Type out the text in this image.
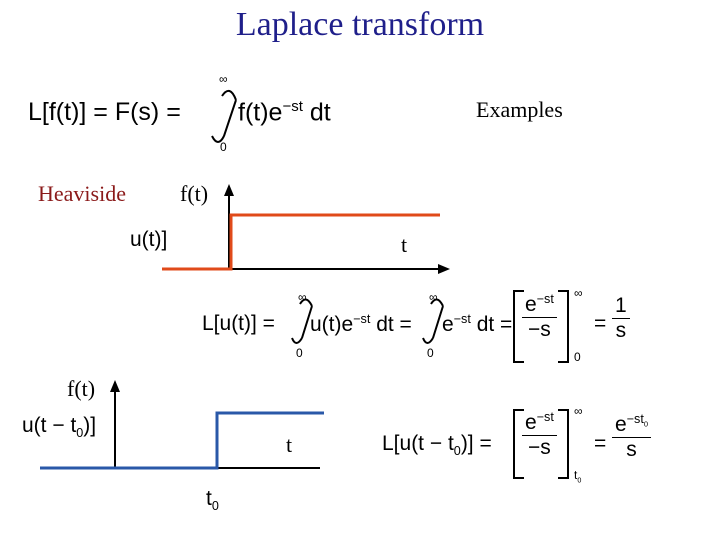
Laplace transform
L[f(t)] = F(s) =
∞
0
$f(t)e^{-st}$ dt	Examples
Heaviside f(t)
u(t)]	t
L[u(t)] =
∞
0
$u(t)e^{-st}$ dt =
∞
0
$e^{-st}$ dt = $\frac{e^{-st}}{-s}$ ∞
0
= $\frac{1}{s}$
f(t)
$u(t - t_0)$]
t
$t_0$
$L[u(t - t_0)] = \frac{e^{-st}}{-s}$ ∞
$t_0$
= $\frac{e^{-st_0}}{s}$
